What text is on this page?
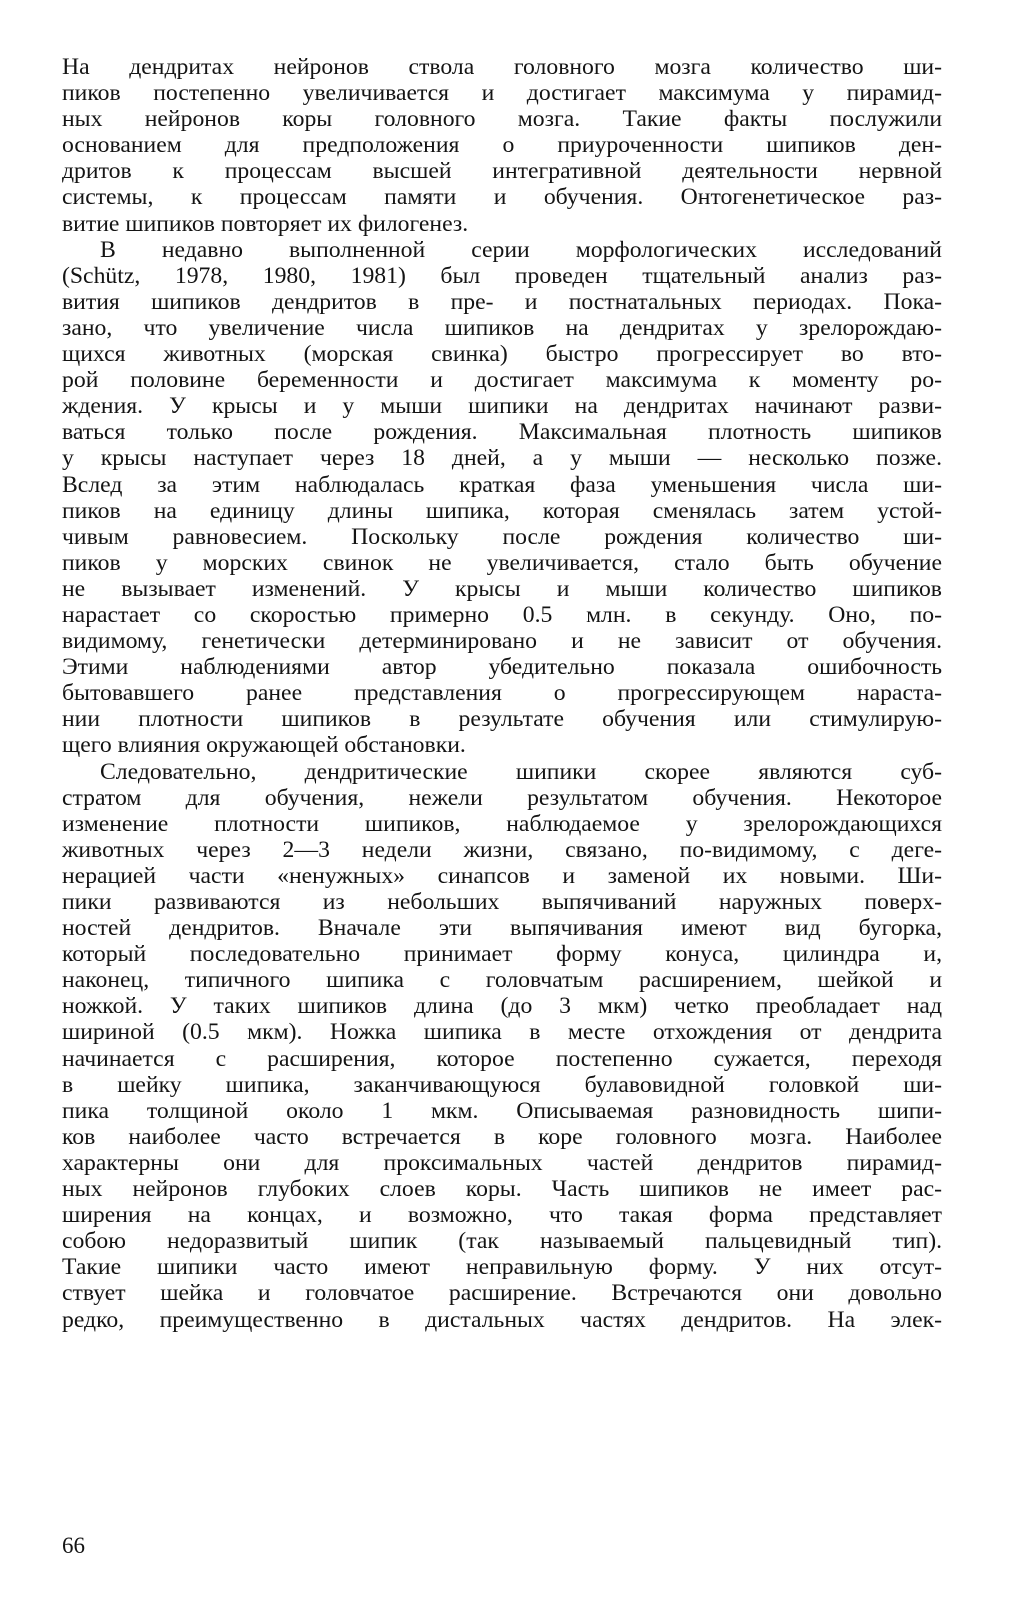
На дендритах нейронов ствола головного мозга количество ши-
пиков постепенно увеличивается и достигает максимума у пирамид-
ных нейронов коры головного мозга. Такие факты послужили
основанием для предположения о приуроченности шипиков ден-
дритов к процессам высшей интегративной деятельности нервной
системы, к процессам памяти и обучения. Онтогенетическое раз-
витие шипиков повторяет их филогенез.
В недавно выполненной серии морфологических исследований
(Schütz, 1978, 1980, 1981) был проведен тщательный анализ раз-
вития шипиков дендритов в пре- и постнатальных периодах. Пока-
зано, что увеличение числа шипиков на дендритах у зрелорождаю-
щихся животных (морская свинка) быстро прогрессирует во вто-
рой половине беременности и достигает максимума к моменту ро-
ждения. У крысы и у мыши шипики на дендритах начинают разви-
ваться только после рождения. Максимальная плотность шипиков
у крысы наступает через 18 дней, а у мыши — несколько позже.
Вслед за этим наблюдалась краткая фаза уменьшения числа ши-
пиков на единицу длины шипика, которая сменялась затем устой-
чивым равновесием. Поскольку после рождения количество ши-
пиков у морских свинок не увеличивается, стало быть обучение
не вызывает изменений. У крысы и мыши количество шипиков
нарастает со скоростью примерно 0.5 млн. в секунду. Оно, по-
видимому, генетически детерминировано и не зависит от обучения.
Этими наблюдениями автор убедительно показала ошибочность
бытовавшего ранее представления о прогрессирующем нараста-
нии плотности шипиков в результате обучения или стимулирую-
щего влияния окружающей обстановки.
Следовательно, дендритические шипики скорее являются суб-
стратом для обучения, нежели результатом обучения. Некоторое
изменение плотности шипиков, наблюдаемое у зрелорождающихся
животных через 2—3 недели жизни, связано, по-видимому, с деге-
нерацией части «ненужных» синапсов и заменой их новыми. Ши-
пики развиваются из небольших выпячиваний наружных поверх-
ностей дендритов. Вначале эти выпячивания имеют вид бугорка,
который последовательно принимает форму конуса, цилиндра и,
наконец, типичного шипика с головчатым расширением, шейкой и
ножкой. У таких шипиков длина (до 3 мкм) четко преобладает над
шириной (0.5 мкм). Ножка шипика в месте отхождения от дендрита
начинается с расширения, которое постепенно сужается, переходя
в шейку шипика, заканчивающуюся булавовидной головкой ши-
пика толщиной около 1 мкм. Описываемая разновидность шипи-
ков наиболее часто встречается в коре головного мозга. Наиболее
характерны они для проксимальных частей дендритов пирамид-
ных нейронов глубоких слоев коры. Часть шипиков не имеет рас-
ширения на концах, и возможно, что такая форма представляет
собою недоразвитый шипик (так называемый пальцевидный тип).
Такие шипики часто имеют неправильную форму. У них отсут-
ствует шейка и головчатое расширение. Встречаются они довольно
редко, преимущественно в дистальных частях дендритов. На элек-
66
